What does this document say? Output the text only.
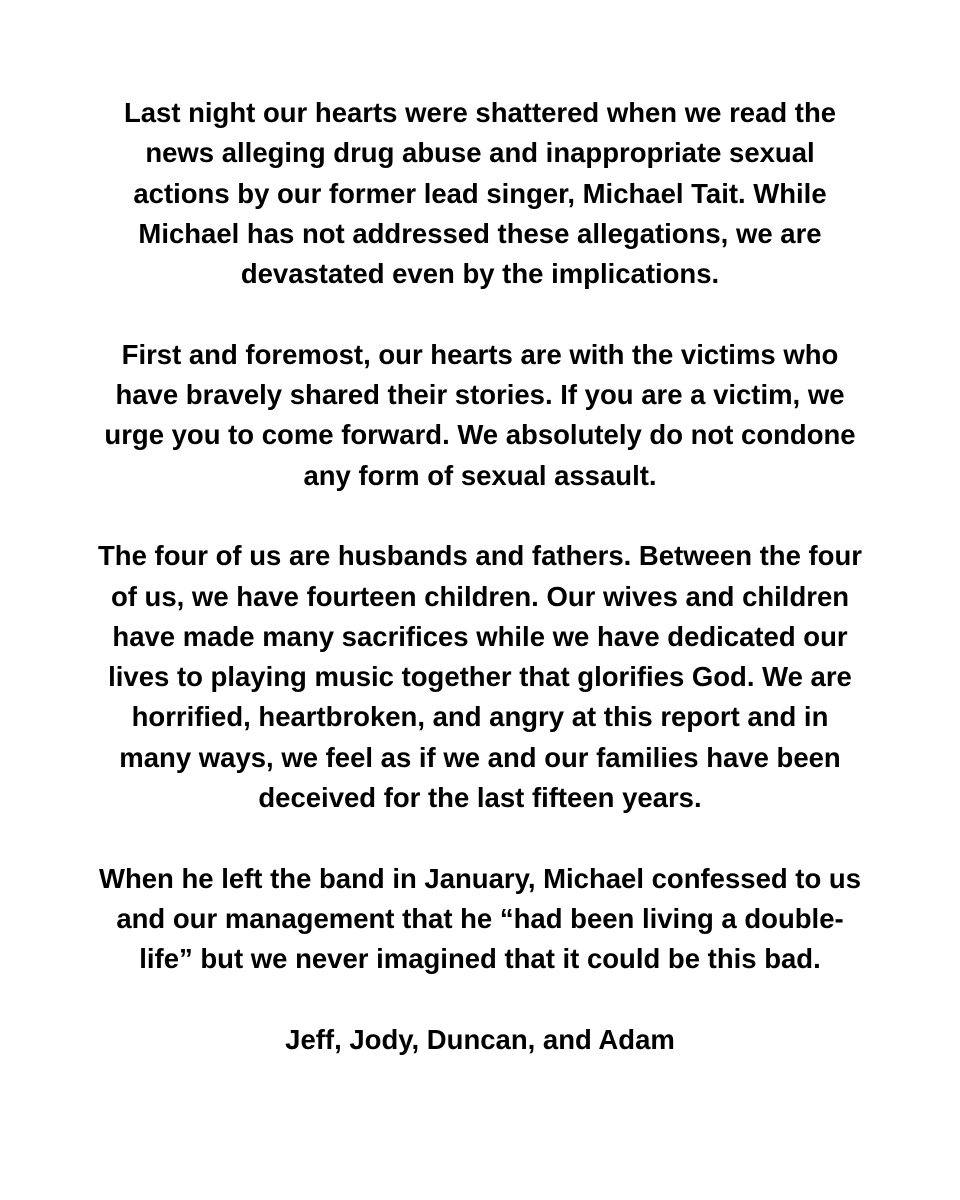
Last night our hearts were shattered when we read the
news alleging drug abuse and inappropriate sexual
actions by our former lead singer, Michael Tait. While
Michael has not addressed these allegations, we are
devastated even by the implications.

First and foremost, our hearts are with the victims who
have bravely shared their stories. If you are a victim, we
urge you to come forward. We absolutely do not condone
any form of sexual assault.

The four of us are husbands and fathers. Between the four
of us, we have fourteen children. Our wives and children
have made many sacrifices while we have dedicated our
lives to playing music together that glorifies God. We are
horrified, heartbroken, and angry at this report and in
many ways, we feel as if we and our families have been
deceived for the last fifteen years.

When he left the band in January, Michael confessed to us
and our management that he “had been living a double-
life” but we never imagined that it could be this bad.

Jeff, Jody, Duncan, and Adam
